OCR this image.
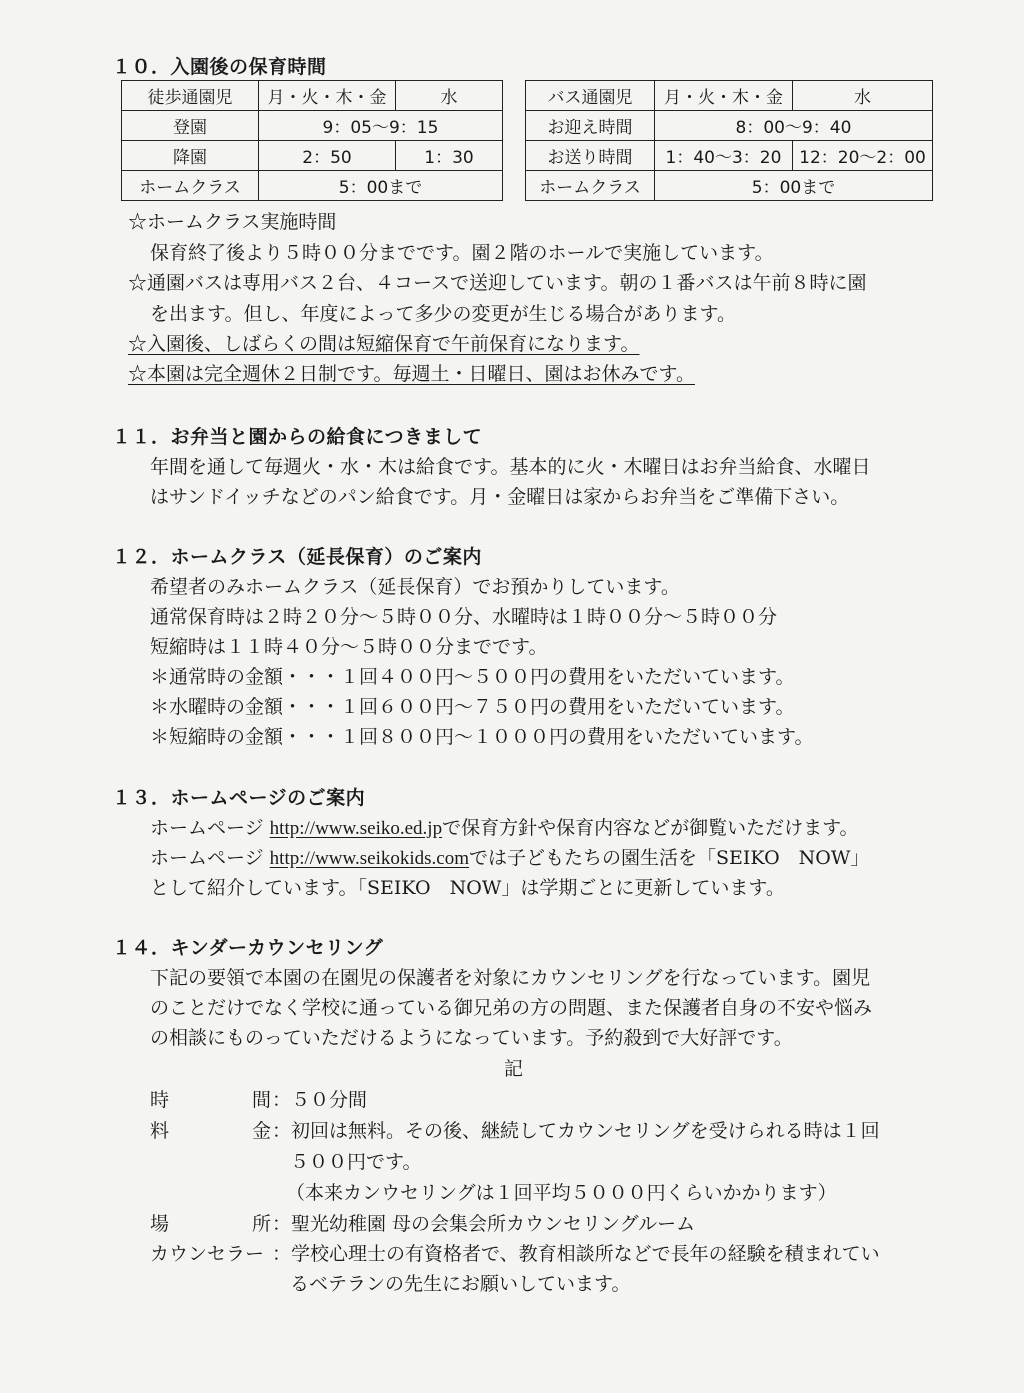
１０．入園後の保育時間
徒歩通園児	月・火・木・金	水
登園	9：05〜9：15	
降園	2：50	1：30
ホームクラス	5：00まで	
バス通園児	月・火・木・金	水
お迎え時間	8：00〜9：40	
お送り時間	1：40〜3：20	12：20〜2：00
ホームクラス	5：00まで	
☆ホームクラス実施時間
保育終了後より５時００分までです。園２階のホールで実施しています。
☆通園バスは専用バス２台、４コースで送迎しています。朝の１番バスは午前８時に園
を出ます。但し、年度によって多少の変更が生じる場合があります。
☆入園後、しばらくの間は短縮保育で午前保育になります。
☆本園は完全週休２日制です。毎週土・日曜日、園はお休みです。
１１．お弁当と園からの給食につきまして
年間を通して毎週火・水・木は給食です。基本的に火・木曜日はお弁当給食、水曜日
はサンドイッチなどのパン給食です。月・金曜日は家からお弁当をご準備下さい。
１２．ホームクラス（延長保育）のご案内
希望者のみホームクラス（延長保育）でお預かりしています。
通常保育時は２時２０分〜５時００分、水曜時は１時００分〜５時００分
短縮時は１１時４０分〜５時００分までです。
＊通常時の金額・・・１回４００円〜５００円の費用をいただいています。
＊水曜時の金額・・・１回６００円〜７５０円の費用をいただいています。
＊短縮時の金額・・・１回８００円〜１０００円の費用をいただいています。
１３．ホームページのご案内
ホームページ http://www.seiko.ed.jpで保育方針や保育内容などが御覧いただけます。
ホームページ http://www.seikokids.comでは子どもたちの園生活を「SEIKO　NOW」
として紹介しています。「SEIKO　NOW」は学期ごとに更新しています。
１４．キンダーカウンセリング
下記の要領で本園の在園児の保護者を対象にカウンセリングを行なっています。園児
のことだけでなく学校に通っている御兄弟の方の問題、また保護者自身の不安や悩み
の相談にものっていただけるようになっています。予約殺到で大好評です。
記
時	間 ：５０分間
料	金 ：初回は無料。その後、継続してカウンセリングを受けられる時は１回
５００円です。
（本来カンウセリングは１回平均５０００円くらいかかります）
場	所 ：聖光幼稚園 母の会集会所カウンセリングルーム
カウンセラー ：学校心理士の有資格者で、教育相談所などで長年の経験を積まれてい
るベテランの先生にお願いしています。
